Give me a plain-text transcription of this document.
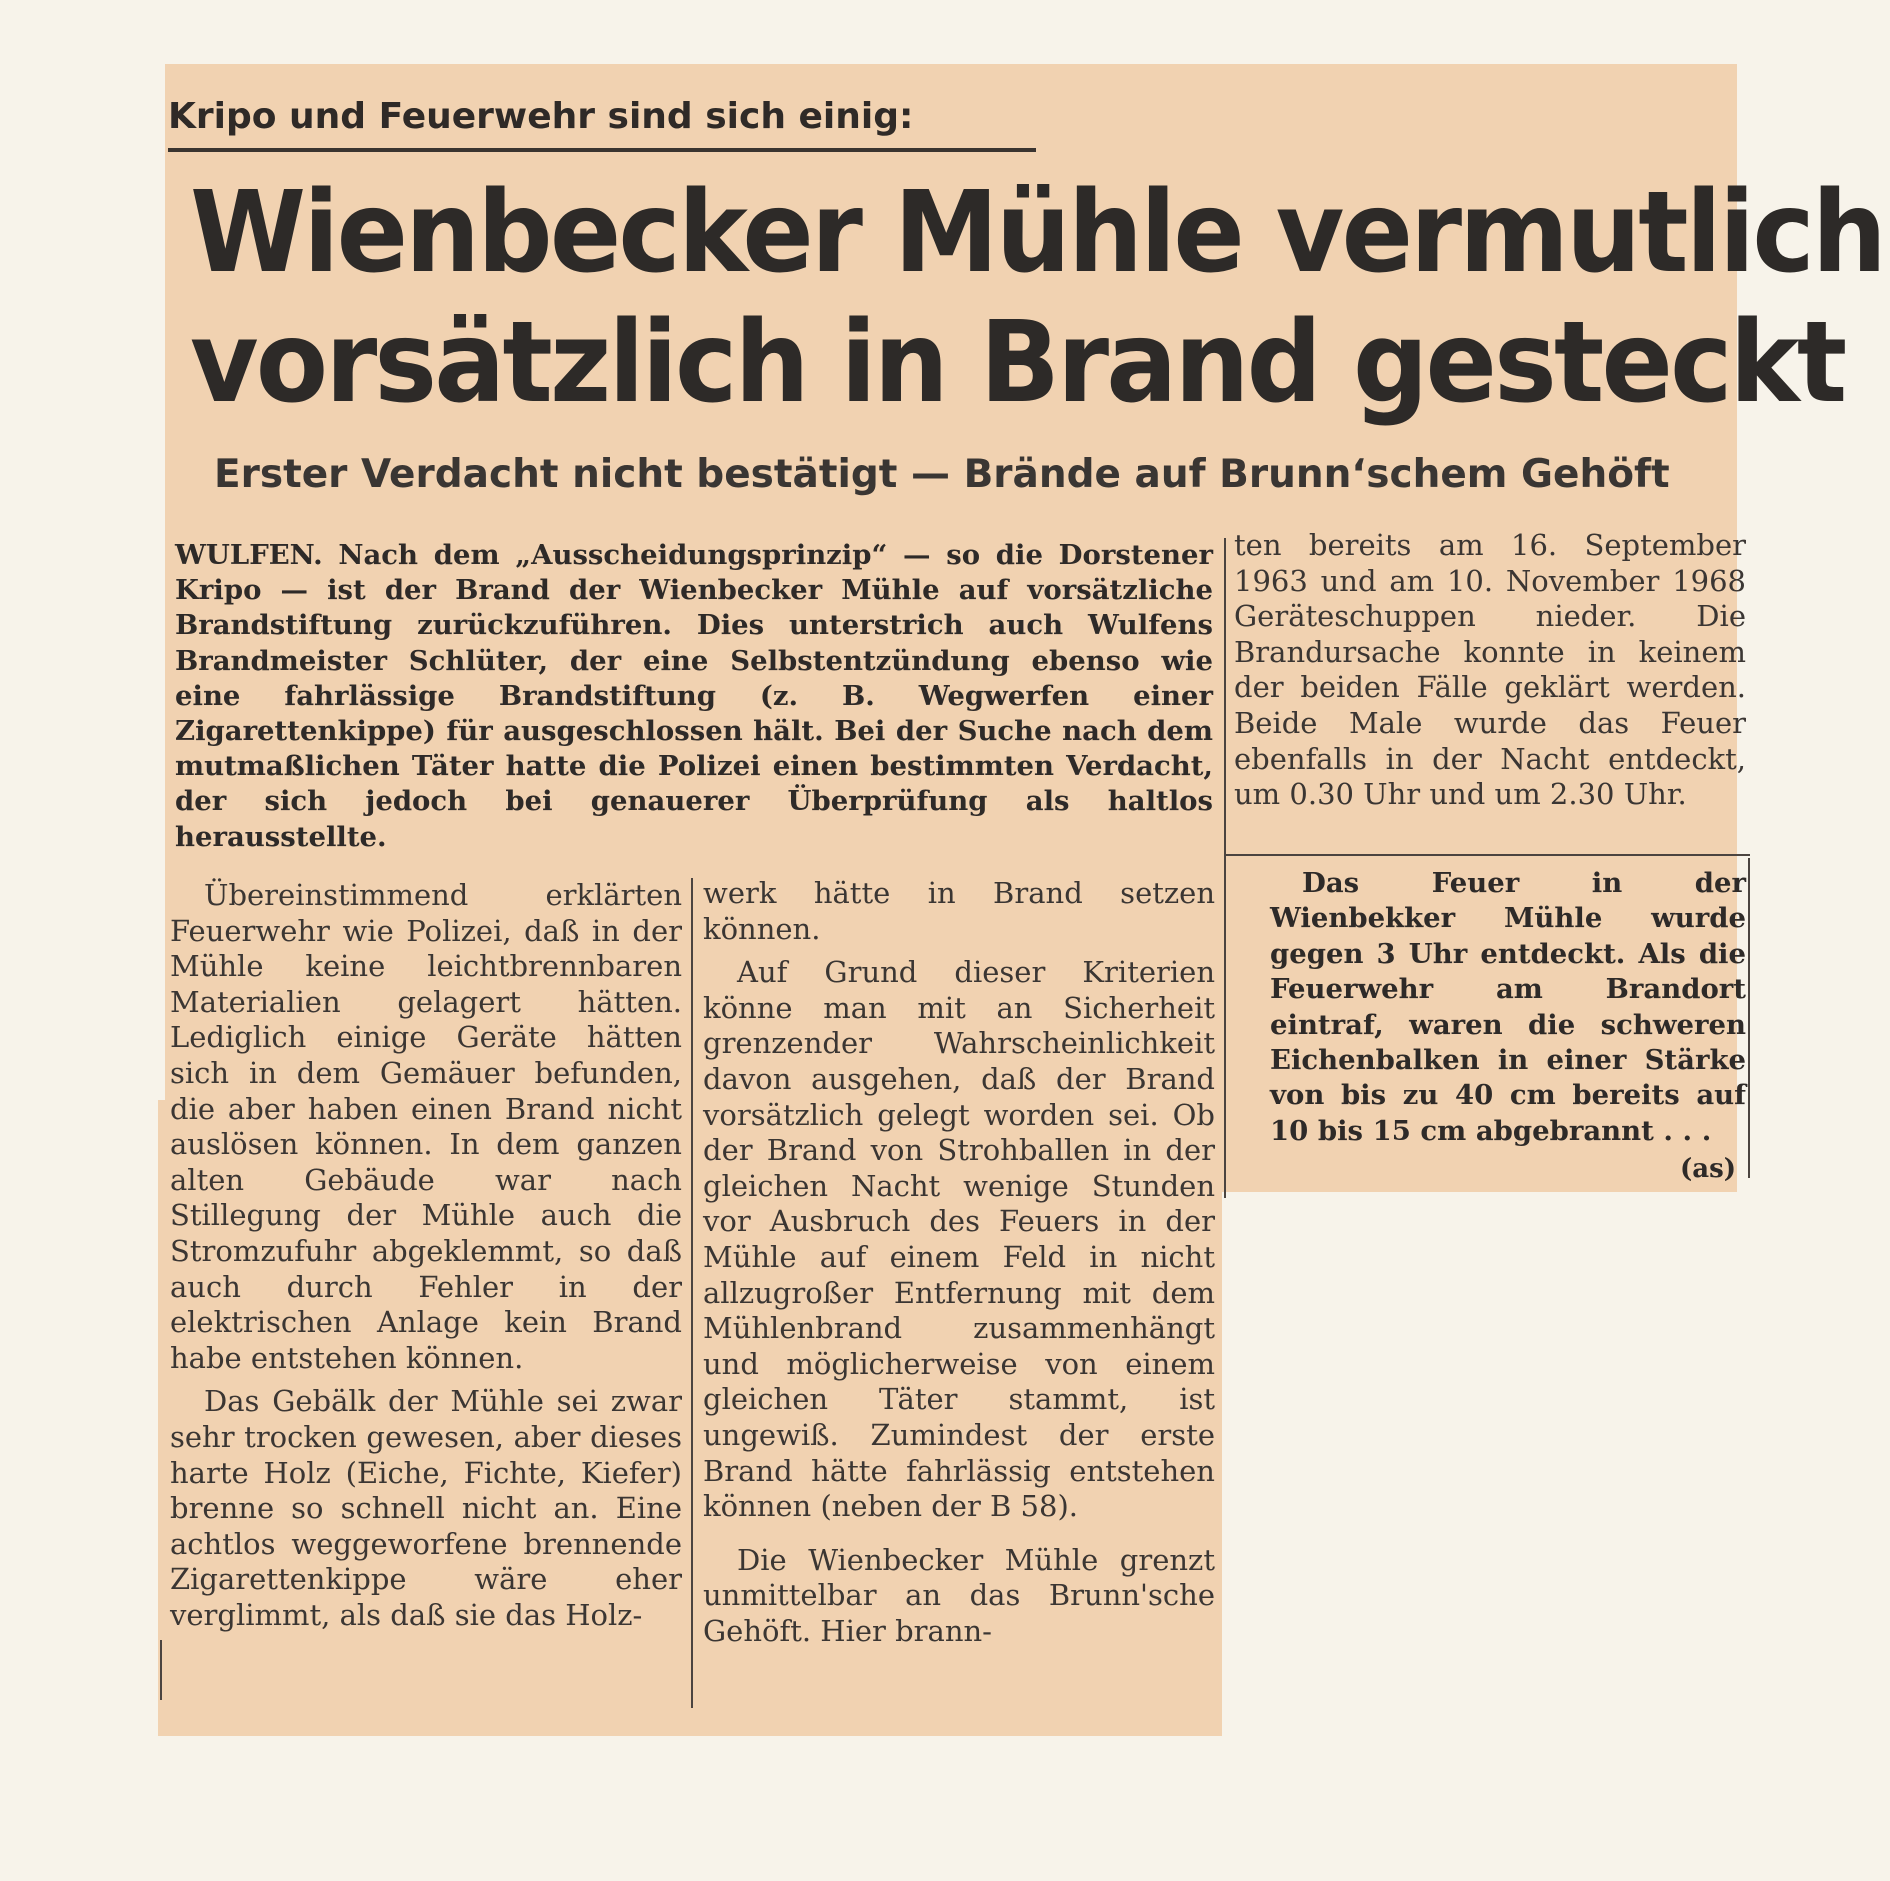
Kripo und Feuerwehr sind sich einig:
Wienbecker Mühle vermutlich
vorsätzlich in Brand gesteckt
Erster Verdacht nicht bestätigt — Brände auf Brunn‘schem Gehöft
WULFEN. Nach dem „Ausscheidungsprinzip“ — so die Dorstener Kripo — ist der Brand der Wienbecker Mühle auf vorsätzliche Brandstiftung zurückzuführen. Dies unterstrich auch Wulfens Brandmeister Schlüter, der eine Selbstentzündung ebenso wie eine fahrlässige Brandstiftung (z. B. Wegwerfen einer Zigarettenkippe) für ausgeschlossen hält. Bei der Suche nach dem mutmaßlichen Täter hatte die Polizei einen bestimmten Verdacht, der sich jedoch bei genauerer Überprüfung als haltlos herausstellte.

Übereinstimmend erklärten Feuerwehr wie Polizei, daß in der Mühle keine leichtbrennbaren Materialien gelagert hätten. Lediglich einige Geräte hätten sich in dem Gemäuer befunden, die aber haben einen Brand nicht auslösen können. In dem ganzen alten Gebäude war nach Stillegung der Mühle auch die Stromzufuhr abgeklemmt, so daß auch durch Fehler in der elektrischen Anlage kein Brand habe entstehen können.

Das Gebälk der Mühle sei zwar sehr trocken gewesen, aber dieses harte Holz (Eiche, Fichte, Kiefer) brenne so schnell nicht an. Eine achtlos weggeworfene brennende Zigarettenkippe wäre eher verglimmt, als daß sie das Holz-

werk hätte in Brand setzen können.

Auf Grund dieser Kriterien könne man mit an Sicherheit grenzender Wahrscheinlichkeit davon ausgehen, daß der Brand vorsätzlich gelegt worden sei. Ob der Brand von Strohballen in der gleichen Nacht wenige Stunden vor Ausbruch des Feuers in der Mühle auf einem Feld in nicht allzugroßer Entfernung mit dem Mühlenbrand zusammenhängt und möglicherweise von einem gleichen Täter stammt, ist ungewiß. Zumindest der erste Brand hätte fahrlässig entstehen können (neben der B 58).

Die Wienbecker Mühle grenzt unmittelbar an das Brunn'sche Gehöft. Hier brann-

ten bereits am 16. September 1963 und am 10. November 1968 Geräteschuppen nieder. Die Brandursache konnte in keinem der beiden Fälle geklärt werden. Beide Male wurde das Feuer ebenfalls in der Nacht entdeckt, um 0.30 Uhr und um 2.30 Uhr.

Das Feuer in der Wienbekker Mühle wurde gegen 3 Uhr entdeckt. Als die Feuerwehr am Brandort eintraf, waren die schweren Eichenbalken in einer Stärke von bis zu 40 cm bereits auf 10 bis 15 cm abgebrannt . . .

(as)
